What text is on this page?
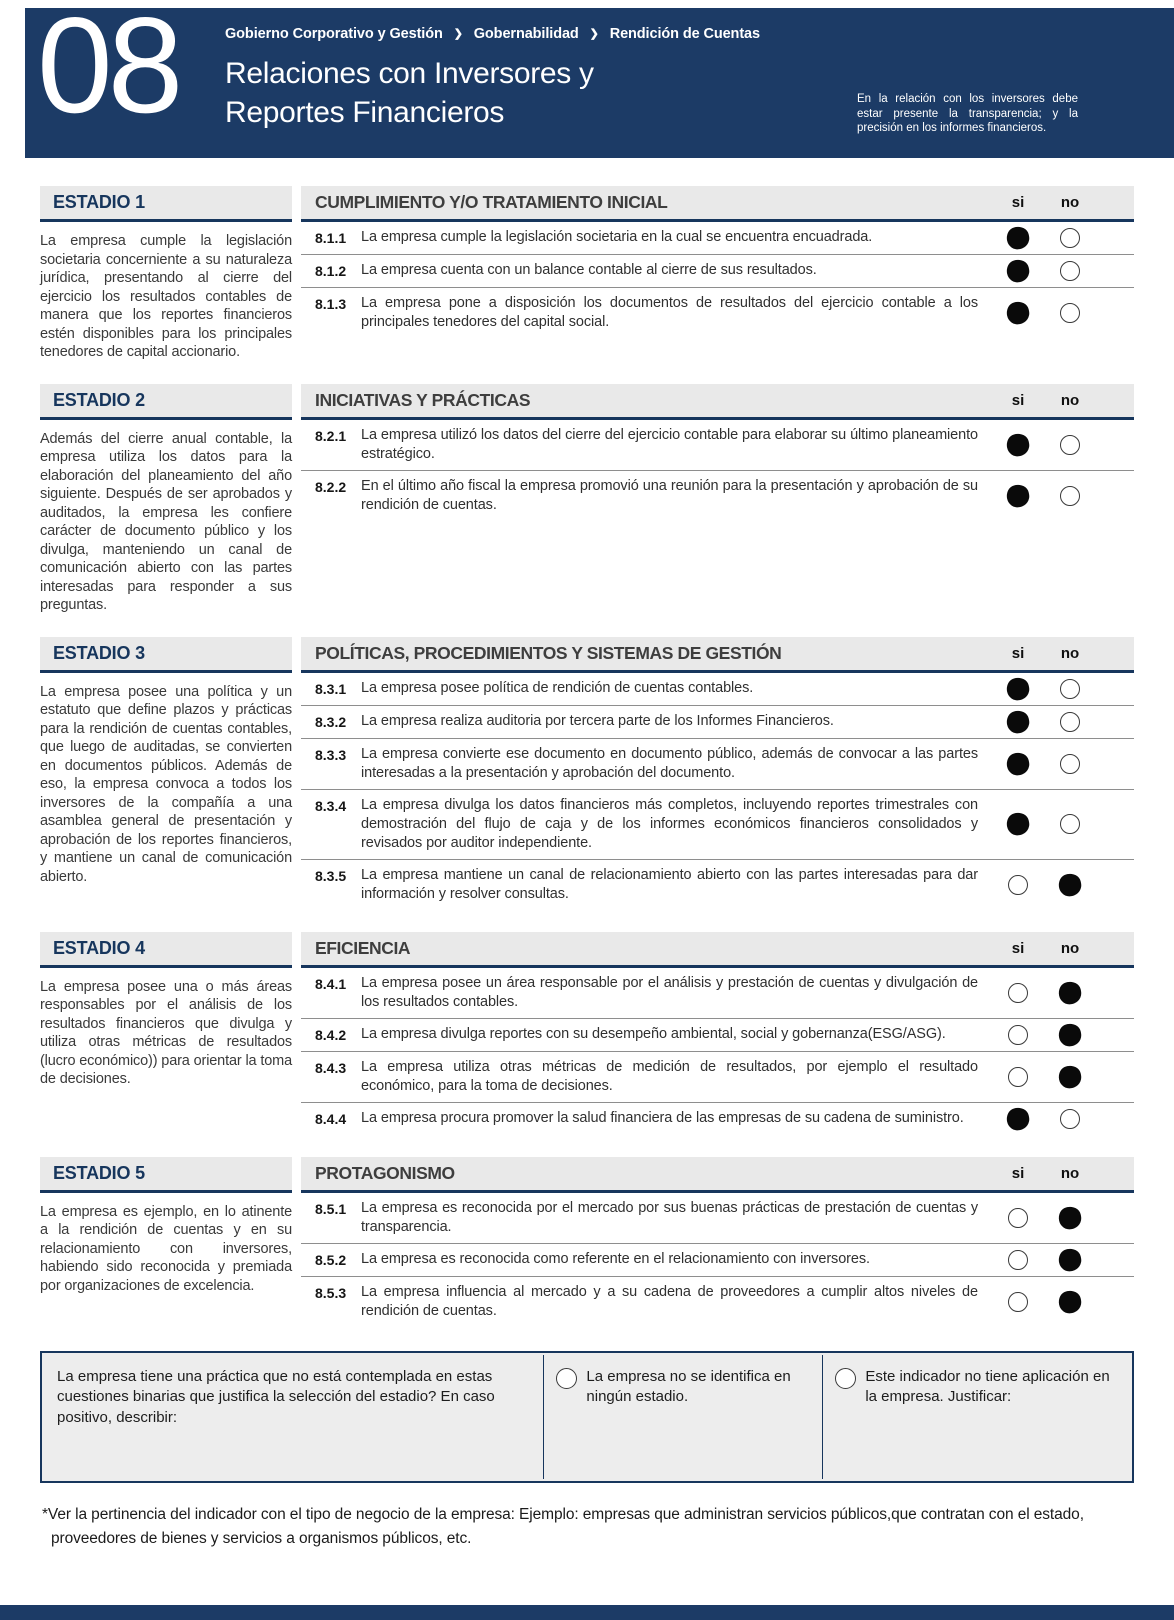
08	Gobierno Corporativo y Gestión ❯ Gobernabilidad ❯ Rendición de Cuentas
Relaciones con Inversores y
Reportes Financieros	En la relación con los inversores debe estar presente la transparencia; y la precisión en los informes financieros.
ESTADIO 1	CUMPLIMIENTO Y/O TRATAMIENTO INICIAL	si	no
La empresa cumple la legislación societaria concerniente a su naturaleza jurídica, presentando al cierre del ejercicio los resultados contables de manera que los reportes financieros estén disponibles para los principales tenedores de capital accionario.
8.1.1	La empresa cumple la legislación societaria en la cual se encuentra encuadrada.
8.1.2	La empresa cuenta con un balance contable al cierre de sus resultados.
8.1.3	La empresa pone a disposición los documentos de resultados del ejercicio contable a los principales tenedores del capital social.
ESTADIO 2	INICIATIVAS Y PRÁCTICAS	si	no
Además del cierre anual contable, la empresa utiliza los datos para la elaboración del planeamiento del año siguiente. Después de ser aprobados y auditados, la empresa les confiere carácter de documento público y los divulga, manteniendo un canal de comunicación abierto con las partes interesadas para responder a sus preguntas.
8.2.1	La empresa utilizó los datos del cierre del ejercicio contable para elaborar su último planeamiento estratégico.
8.2.2	En el último año fiscal la empresa promovió una reunión para la presentación y aprobación de su rendición de cuentas.
ESTADIO 3	POLÍTICAS, PROCEDIMIENTOS Y SISTEMAS DE GESTIÓN	si	no
La empresa posee una política y un estatuto que define plazos y prácticas para la rendición de cuentas contables, que luego de auditadas, se convierten en documentos públicos. Además de eso, la empresa convoca a todos los inversores de la compañía a una asamblea general de presentación y aprobación de los reportes financieros, y mantiene un canal de comunicación abierto.
8.3.1	La empresa posee política de rendición de cuentas contables.
8.3.2	La empresa realiza auditoria por tercera parte de los Informes Financieros.
8.3.3	La empresa convierte ese documento en documento público, además de convocar a las partes interesadas a la presentación y aprobación del documento.
8.3.4	La empresa divulga los datos financieros más completos, incluyendo reportes trimestrales con demostración del flujo de caja y de los informes económicos financieros consolidados y revisados por auditor independiente.
8.3.5	La empresa mantiene un canal de relacionamiento abierto con las partes interesadas para dar información y resolver consultas.
ESTADIO 4	EFICIENCIA	si	no
La empresa posee una o más áreas responsables por el análisis de los resultados financieros que divulga y utiliza otras métricas de resultados (lucro económico)) para orientar la toma de decisiones.
8.4.1	La empresa posee un área responsable por el análisis y prestación de cuentas y divulgación de los resultados contables.
8.4.2	La empresa divulga reportes con su desempeño ambiental, social y gobernanza(ESG/ASG).
8.4.3	La empresa utiliza otras métricas de medición de resultados, por ejemplo el resultado económico, para la toma de decisiones.
8.4.4	La empresa procura promover la salud financiera de las empresas de su cadena de suministro.
ESTADIO 5	PROTAGONISMO	si	no
La empresa es ejemplo, en lo atinente a la rendición de cuentas y en su relacionamiento con inversores, habiendo sido reconocida y premiada por organizaciones de excelencia.
8.5.1	La empresa es reconocida por el mercado por sus buenas prácticas de prestación de cuentas y transparencia.
8.5.2	La empresa es reconocida como referente en el relacionamiento con inversores.
8.5.3	La empresa influencia al mercado y a su cadena de proveedores a cumplir altos niveles de rendición de cuentas.
La empresa tiene una práctica que no está contemplada en estas cuestiones binarias que justifica la selección del estadio? En caso positivo, describir:
La empresa no se identifica en ningún estadio.
Este indicador no tiene aplicación en la empresa. Justificar:
*Ver la pertinencia del indicador con el tipo de negocio de la empresa: Ejemplo: empresas que administran servicios públicos,que contratan con el estado, proveedores de bienes y servicios a organismos públicos, etc.
